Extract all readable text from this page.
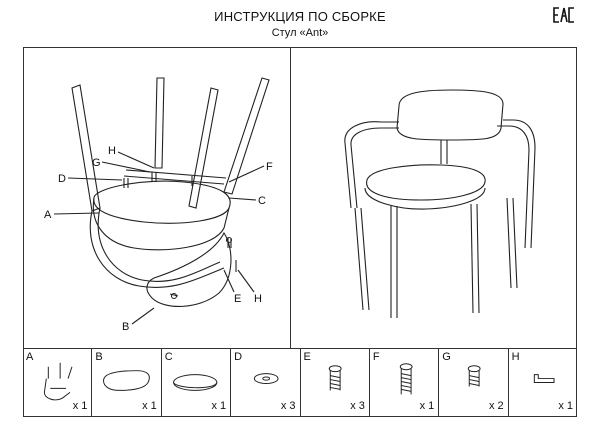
ИНСТРУКЦИЯ ПО СБОРКЕ
Стул «Ant»
A
B
C
D
E
F
G
H
H
A
x 1
B
x 1
C
x 1
D
x 3
E
x 3
F
x 1
G
x 2
H
x 1
